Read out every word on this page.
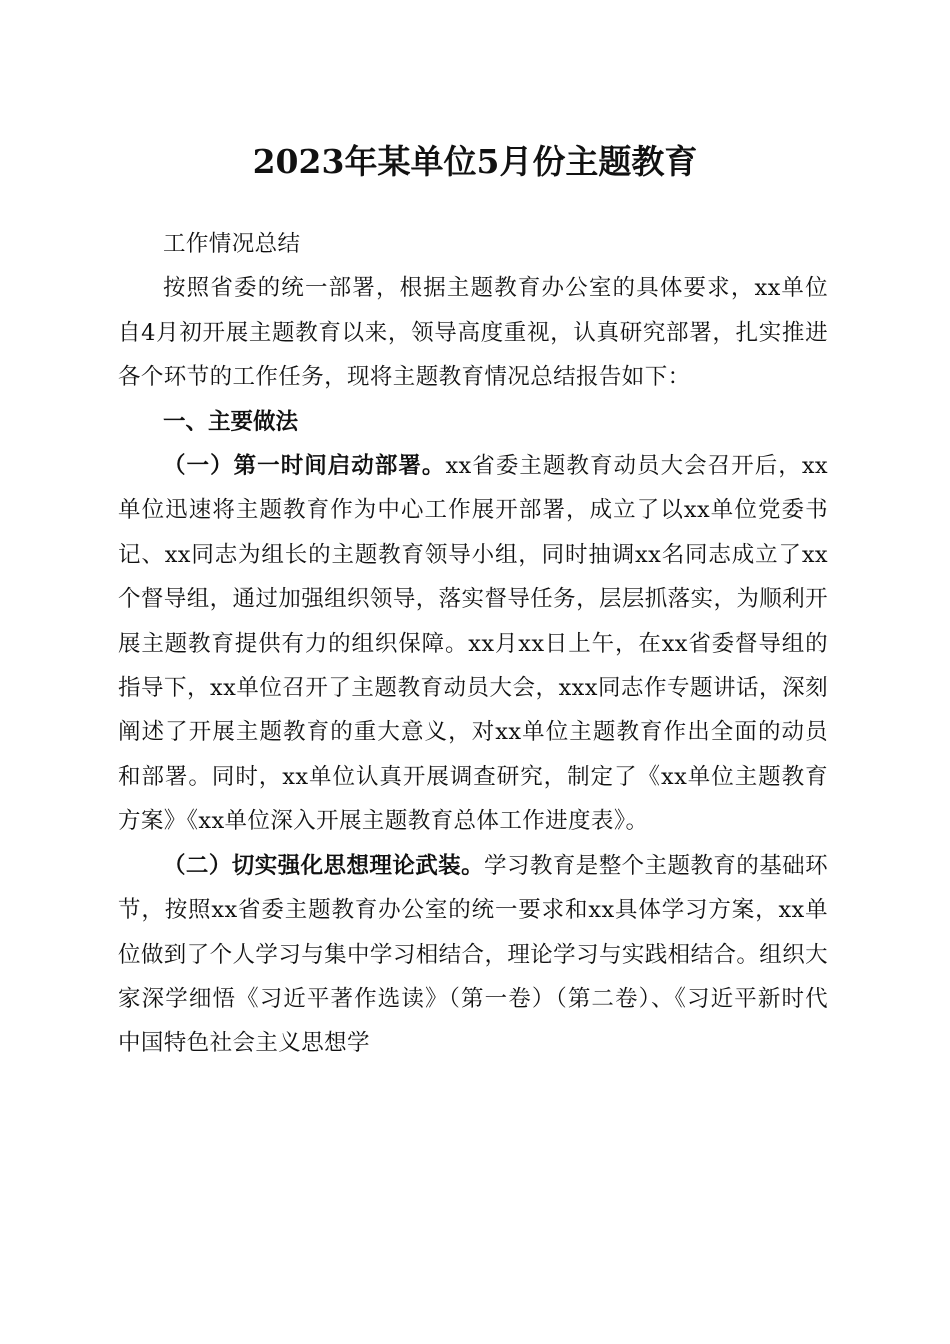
2023年某单位5月份主题教育

工作情况总结

按照省委的统一部署，根据主题教育办公室的具体要求，xx单位自4月初开展主题教育以来，领导高度重视，认真研究部署，扎实推进各个环节的工作任务，现将主题教育情况总结报告如下：

一、主要做法

（一）第一时间启动部署。xx省委主题教育动员大会召开后，xx单位迅速将主题教育作为中心工作展开部署，成立了以xx单位党委书记、xx同志为组长的主题教育领导小组，同时抽调xx名同志成立了xx个督导组，通过加强组织领导，落实督导任务，层层抓落实，为顺利开展主题教育提供有力的组织保障。xx月xx日上午，在xx省委督导组的指导下，xx单位召开了主题教育动员大会，xxx同志作专题讲话，深刻阐述了开展主题教育的重大意义，对xx单位主题教育作出全面的动员和部署。同时，xx单位认真开展调查研究，制定了《xx单位主题教育方案》《xx单位深入开展主题教育总体工作进度表》。

（二）切实强化思想理论武装。学习教育是整个主题教育的基础环节，按照xx省委主题教育办公室的统一要求和xx具体学习方案，xx单位做到了个人学习与集中学习相结合，理论学习与实践相结合。组织大家深学细悟《习近平著作选读》（第一卷）（第二卷）、《习近平新时代中国特色社会主义思想学
